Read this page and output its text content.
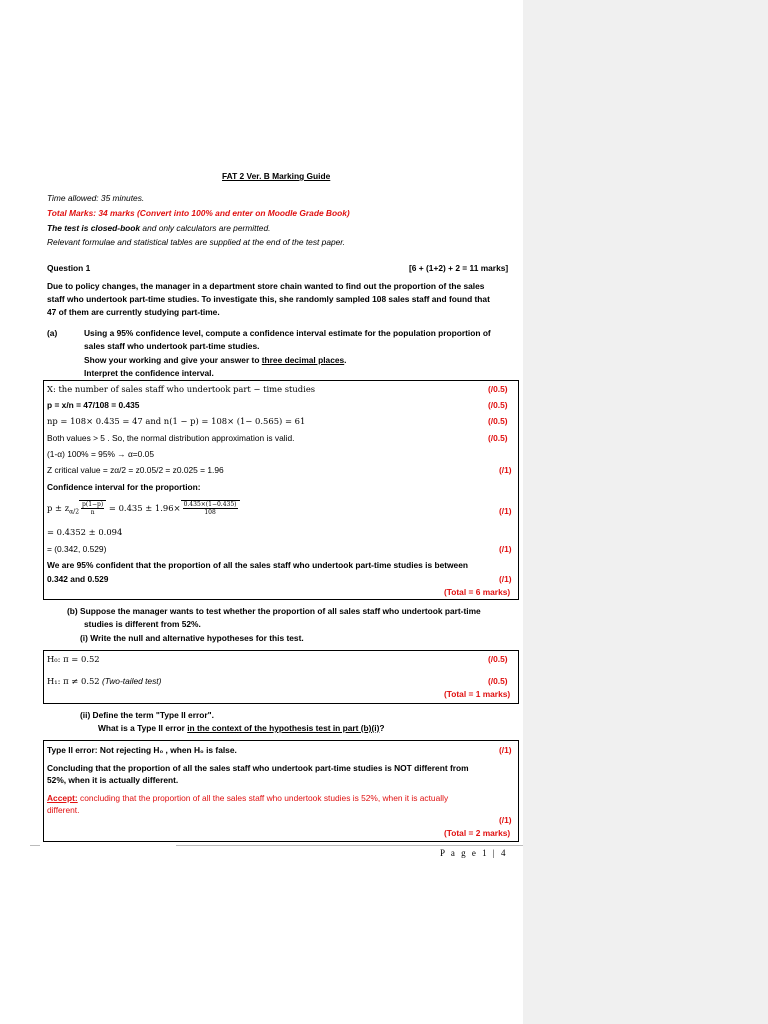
FAT 2 Ver. B Marking Guide
Time allowed: 35 minutes.
Total Marks: 34 marks (Convert into 100% and enter on Moodle Grade Book)
The test is closed-book and only calculators are permitted.
Relevant formulae and statistical tables are supplied at the end of the test paper.
Question 1	[6 + (1+2) + 2 = 11 marks]
Due to policy changes, the manager in a department store chain wanted to find out the proportion of the sales
staff who undertook part-time studies. To investigate this, she randomly sampled 108 sales staff and found that
47 of them are currently studying part-time.
(a)	Using a 95% confidence level, compute a confidence interval estimate for the population proportion of
sales staff who undertook part-time studies.
Show your working and give your answer to three decimal places.
Interpret the confidence interval.
X: the number of sales staff who undertook part − time studies	(/0.5)
p = x/n = 47/108 = 0.435	(/0.5)
np = 108× 0.435 = 47 and n(1 − p) = 108× (1− 0.565) = 61	(/0.5)
Both values > 5 . So, the normal distribution approximation is valid.	(/0.5)
(1-α) 100% = 95% → α=0.05
Z critical value = zα/2 = z0.05/2 = z0.025 = 1.96	(/1)
Confidence interval for the proportion:
$p \pm z_{\alpha/2} \frac{p(1-p)}{n} = 0.435 \pm 1.96\times \frac{0.435\times(1-0.435)}{108}$	(/1)
= 0.4352 ± 0.094
= (0.342, 0.529)	(/1)
We are 95% confident that the proportion of all the sales staff who undertook part-time studies is between
0.342 and 0.529	(/1)
(Total = 6 marks)
(b) Suppose the manager wants to test whether the proportion of all sales staff who undertook part-time
studies is different from 52%.
(i) Write the null and alternative hypotheses for this test.
H₀: π = 0.52	(/0.5)
H₁: π ≠ 0.52 (Two-tailed test)	(/0.5)
(Total = 1 marks)
(ii) Define the term "Type II error".
What is a Type II error in the context of the hypothesis test in part (b)(i)?
Type II error: Not rejecting H₀ , when H₀ is false.	(/1)
Concluding that the proportion of all the sales staff who undertook part-time studies is NOT different from
52%, when it is actually different.
Accept: concluding that the proportion of all the sales staff who undertook studies is 52%, when it is actually
different.
(/1)
(Total = 2 marks)
P a g e 1 | 4
